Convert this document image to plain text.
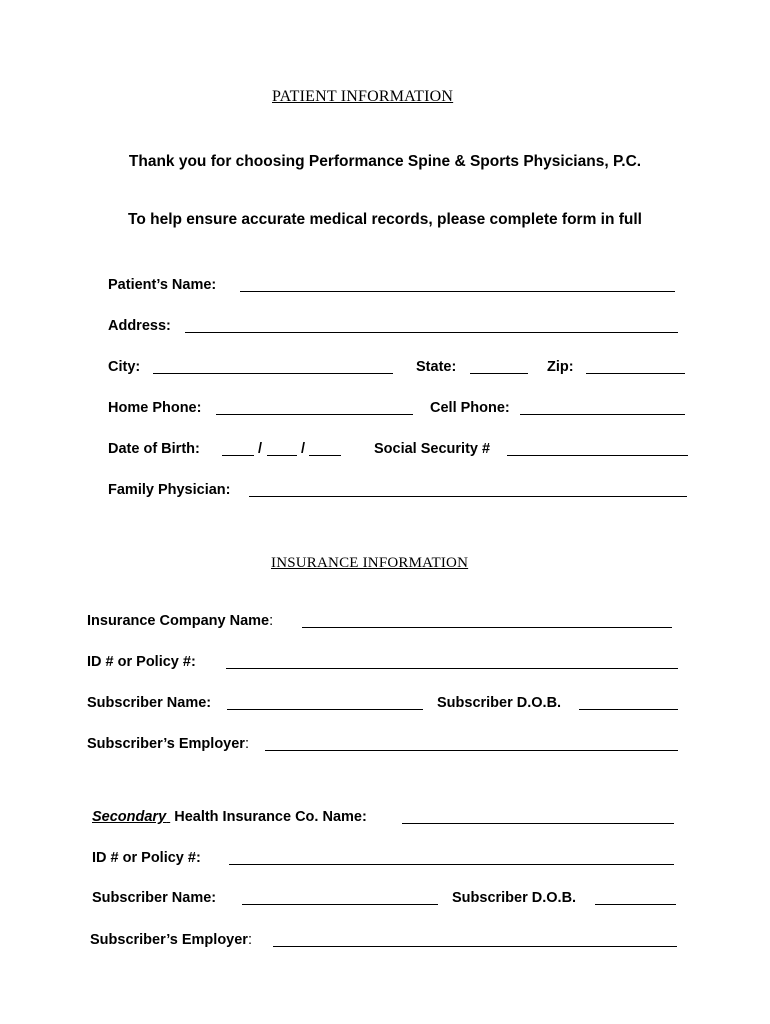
PATIENT INFORMATION
Thank you for choosing Performance Spine & Sports Physicians, P.C.
To help ensure accurate medical records, please complete form in full
Patient’s Name:
Address:
City:	State:	Zip:
Home Phone:	Cell Phone:
Date of Birth:	/	/	Social Security #
Family Physician:
INSURANCE INFORMATION
Insurance Company Name:
ID # or Policy #:
Subscriber Name:	Subscriber D.O.B.
Subscriber’s Employer:
Secondary Health Insurance Co. Name:
ID # or Policy #:
Subscriber Name:	Subscriber D.O.B.
Subscriber’s Employer:
